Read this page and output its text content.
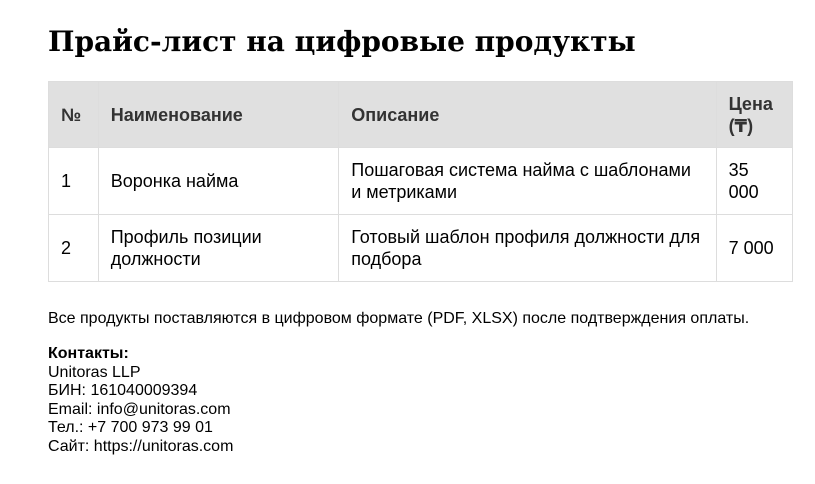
Прайс-лист на цифровые продукты
№	Наименование	Описание	Цена (₸)
1	Воронка найма	Пошаговая система найма с шаблонами и метриками	35 000
2	Профиль позиции должности	Готовый шаблон профиля должности для подбора	7 000

Все продукты поставляются в цифровом формате (PDF, XLSX) после подтверждения оплаты.

Контакты:
Unitoras LLP
БИН: 161040009394
Email: info@unitoras.com
Тел.: +7 700 973 99 01
Сайт: https://unitoras.com
